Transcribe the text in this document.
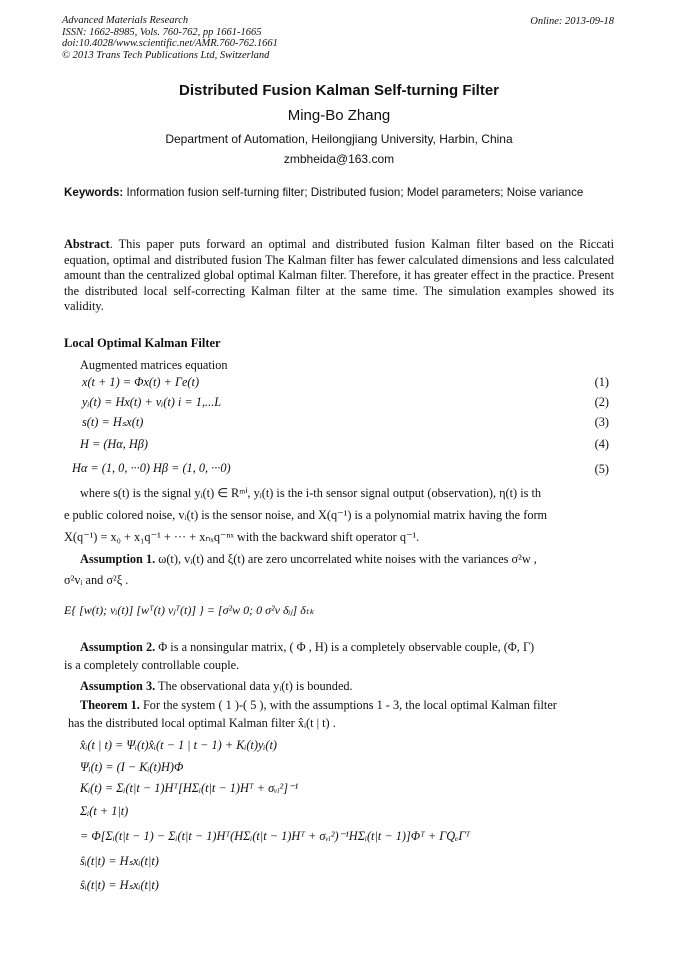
Advanced Materials Research
ISSN: 1662-8985, Vols. 760-762, pp 1661-1665
doi:10.4028/www.scientific.net/AMR.760-762.1661
© 2013 Trans Tech Publications Ltd, Switzerland
Online: 2013-09-18
Distributed Fusion Kalman Self-turning Filter
Ming-Bo Zhang
Department of Automation, Heilongjiang University, Harbin, China
zmbheida@163.com
Keywords: Information fusion self-turning filter; Distributed fusion; Model parameters; Noise variance
Abstract. This paper puts forward an optimal and distributed fusion Kalman filter based on the Riccati equation, optimal and distributed fusion The Kalman filter has fewer calculated dimensions and less calculated amount than the centralized global optimal Kalman filter. Therefore, it has greater effect in the practice. Present the distributed local self-correcting Kalman filter at the same time. The simulation examples showed its validity.
Local Optimal Kalman Filter
Augmented matrices equation
x(t + 1) = Φx(t) + Γe(t)	(1)
yᵢ(t) = Hx(t) + vᵢ(t) i = 1,...L	(2)
s(t) = Hₛx(t)	(3)
H = (Hα, Hβ)	(4)
Hα = (1, 0, ···0) Hβ = (1, 0, ···0)	(5)
where s(t) is the signal yᵢ(t) ∈ Rᵐⁱ, yᵢ(t) is the i-th sensor signal output (observation), η(t) is th
e public colored noise, vᵢ(t) is the sensor noise, and X(q⁻¹) is a polynomial matrix having the form
X(q⁻¹) = x₀ + x₁q⁻¹ + ··· + xₙₓq⁻ⁿˣ with the backward shift operator q⁻¹.
Assumption 1. ω(t), vᵢ(t) and ξ(t) are zero uncorrelated white noises with the variances σ²w ,
σ²vᵢ and σ²ξ .
E{ [w(t); vᵢ(t)] [wᵀ(t) vⱼᵀ(t)] } = [σ²w 0; 0 σ²v δᵢⱼ] δₜₖ
Assumption 2. Φ is a nonsingular matrix, ( Φ , H) is a completely observable couple, (Φ, Γ)
is a completely controllable couple.
Assumption 3. The observational data yᵢ(t) is bounded.
Theorem 1. For the system ( 1 )-( 5 ), with the assumptions 1 - 3, the local optimal Kalman filter
has the distributed local optimal Kalman filter x̂ᵢ(t | t) .
x̂ᵢ(t | t) = Ψᵢ(t)x̂ᵢ(t − 1 | t − 1) + Kᵢ(t)yᵢ(t)
Ψᵢ(t) = (I − Kᵢ(t)H)Φ
Kᵢ(t) = Σᵢ(t|t − 1)Hᵀ[HΣᵢ(t|t − 1)Hᵀ + σᵥᵢ²]⁻¹
Σᵢ(t + 1|t)
= Φ[Σᵢ(t|t − 1) − Σᵢ(t|t − 1)Hᵀ(HΣᵢ(t|t − 1)Hᵀ + σᵥᵢ²)⁻¹HΣᵢ(t|t − 1)]Φᵀ + ΓQₑΓᵀ
ŝᵢ(t|t) = Hₛxᵢ(t|t)
ŝᵢ(t|t) = Hₛxᵢ(t|t)
